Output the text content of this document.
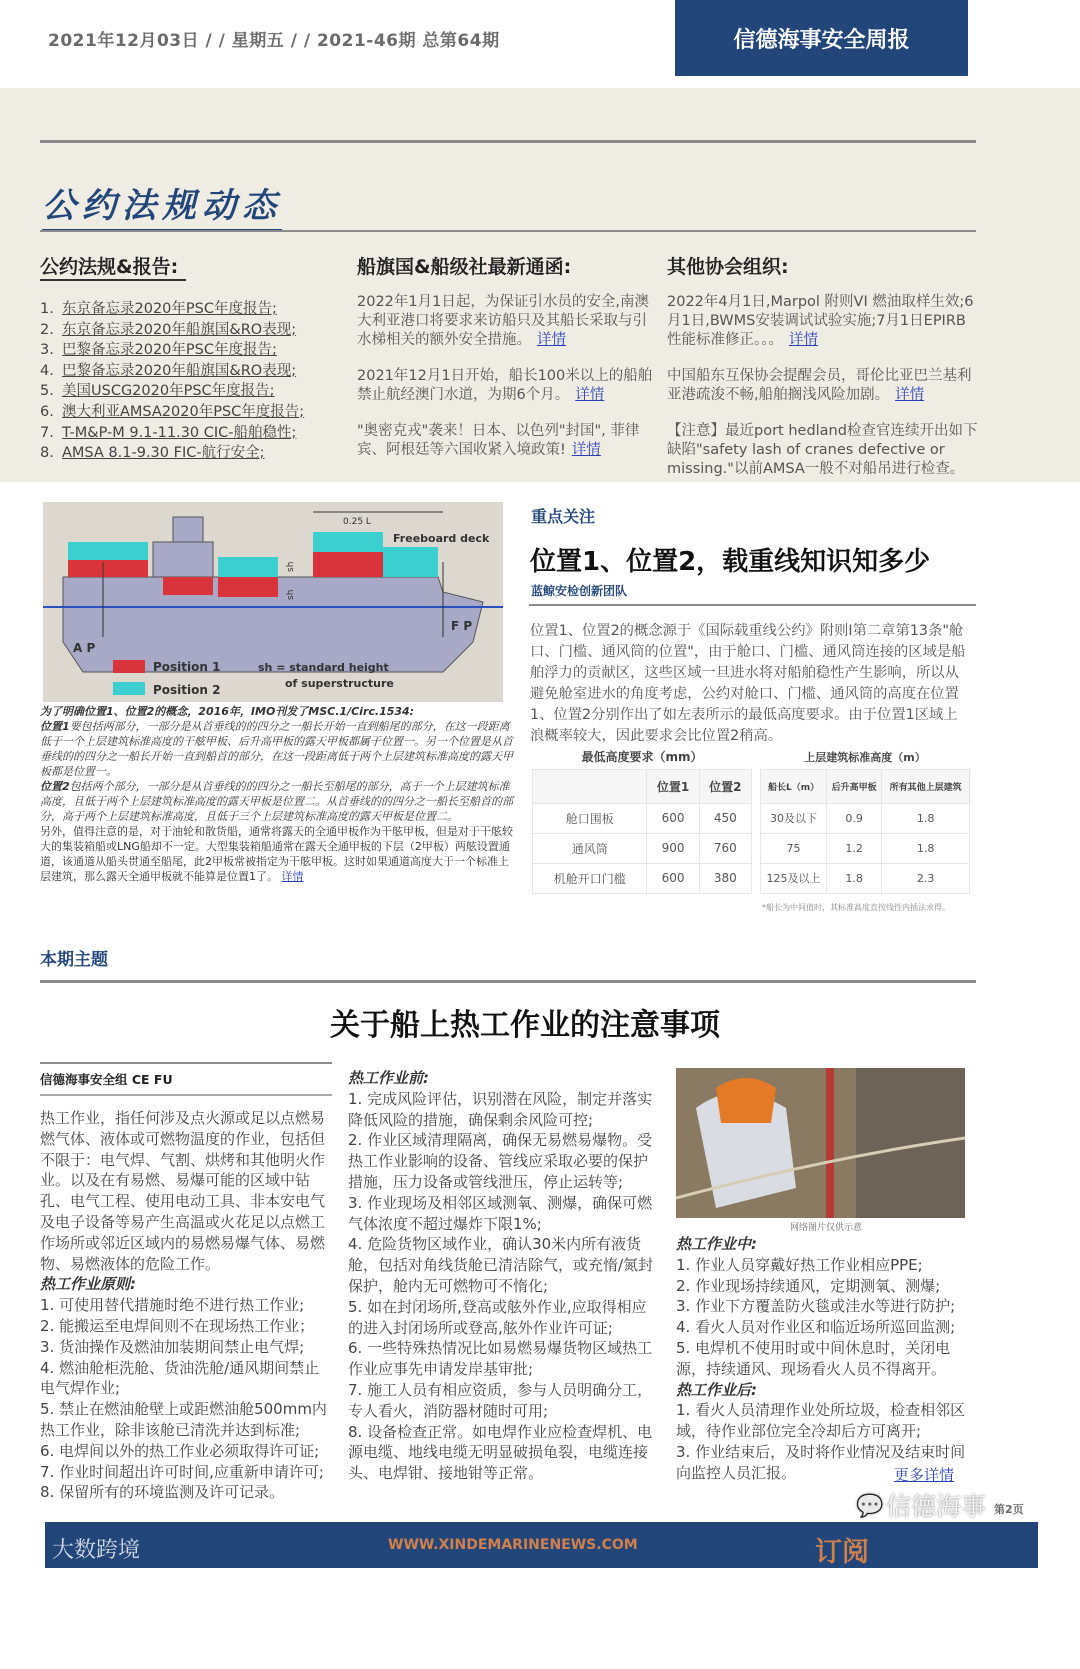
2021年12月03日 / / 星期五 / / 2021-46期 总第64期	信德海事安全周报
公约法规动态
公约法规&报告:
1. 东京备忘录2020年PSC年度报告;
2. 东京备忘录2020年船旗国&RO表现;
3. 巴黎备忘录2020年PSC年度报告;
4. 巴黎备忘录2020年船旗国&RO表现;
5. 美国USCG2020年PSC年度报告;
6. 澳大利亚AMSA2020年PSC年度报告;
7. T-M&P-M 9.1-11.30 CIC-船舶稳性;
8. AMSA 8.1-9.30 FIC-航行安全;
船旗国&船级社最新通函:

2022年1月1日起，为保证引水员的安全,南澳大利亚港口将要求来访船只及其船长采取与引水梯相关的额外安全措施。 详情

2021年12月1日开始，船长100米以上的船舶禁止航经澳门水道，为期6个月。 详情

"奥密克戎"袭来！日本、以色列"封国", 菲律宾、阿根廷等六国收紧入境政策! 详情

其他协会组织:

2022年4月1日,Marpol 附则VI 燃油取样生效;6月1日,BWMS安装调试试验实施;7月1日EPIRB性能标准修正。。。 详情

中国船东互保协会提醒会员，哥伦比亚巴兰基利亚港疏浚不畅,船舶搁浅风险加剧。 详情

【注意】最近port hedland检查官连续开出如下缺陷"safety lash of cranes defective or missing."以前AMSA一般不对船吊进行检查。

0.25 L
Freeboard deck
sh
sh
A P
F P
Position 1
Position 2
sh = standard height
of superstructure
为了明确位置1、位置2的概念，2016年，IMO刊发了MSC.1/Circ.1534:
位置1要包括两部分，一部分是从首垂线的的四分之一船长开始一直到船尾的部分，在这一段距离低于一个上层建筑标准高度的干舷甲板、后升高甲板的露天甲板都属于位置一。另一个位置是从首垂线的的四分之一船长开始一直到船首的部分，在这一段距离低于两个上层建筑标准高度的露天甲板都是位置一。
位置2包括两个部分，一部分是从首垂线的的四分之一船长至船尾的部分，高于一个上层建筑标准高度，且低于两个上层建筑标准高度的露天甲板是位置二。从首垂线的的四分之一船长至船首的部分，高于两个上层建筑标准高度，且低于三个上层建筑标准高度的露天甲板是位置二。
另外，值得注意的是，对于油轮和散货船，通常将露天的全通甲板作为干舷甲板，但是对于干舷较大的集装箱船或LNG船却不一定。大型集装箱船通常在露天全通甲板的下层（2甲板）两舷设置通道，该通道从船头贯通至船尾，此2甲板常被指定为干舷甲板。这时如果通道高度大于一个标准上层建筑，那么露天全通甲板就不能算是位置1了。 详情
重点关注
位置1、位置2，载重线知识知多少
蓝鲸安检创新团队
位置1、位置2的概念源于《国际载重线公约》附则I第二章第13条"舱口、门槛、通风筒的位置"，由于舱口、门槛、通风筒连接的区域是船舶浮力的贡献区，这些区域一旦进水将对船舶稳性产生影响，所以从避免舱室进水的角度考虑，公约对舱口、门槛、通风筒的高度在位置1、位置2分别作出了如左表所示的最低高度要求。由于位置1区域上浪概率较大，因此要求会比位置2稍高。
最低高度要求（mm）		
	位置1	位置2
舱口围板	600	450
通风筒	900	760
机舱开口门槛	600	380
上层建筑标准高度（m）		
船长L（m）	后升高甲板	所有其他上层建筑
30及以下	0.9	1.8
75	1.2	1.8
125及以上	1.8	2.3
*船长为中间值时，其标准高度直按线性内插法求得。
本期主题
关于船上热工作业的注意事项
信德海事安全组 CE FU
热工作业，指任何涉及点火源或足以点燃易燃气体、液体或可燃物温度的作业，包括但不限于：电气焊、气割、烘烤和其他明火作业。以及在有易燃、易爆可能的区域中钻孔、电气工程、使用电动工具、非本安电气及电子设备等易产生高温或火花足以点燃工作场所或邻近区域内的易燃易爆气体、易燃物、易燃液体的危险工作。
热工作业原则:
1. 可使用替代措施时绝不进行热工作业;
2. 能搬运至电焊间则不在现场热工作业；
3. 货油操作及燃油加装期间禁止电气焊;
4. 燃油舱柜洗舱、货油洗舱/通风期间禁止电气焊作业;
5. 禁止在燃油舱壁上或距燃油舱500mm内热工作业，除非该舱已清洗并达到标准;
6. 电焊间以外的热工作业必须取得许可证;
7. 作业时间超出许可时间,应重新申请许可;
8. 保留所有的环境监测及许可记录。
热工作业前:
1. 完成风险评估，识别潜在风险，制定并落实降低风险的措施，确保剩余风险可控;
2. 作业区域清理隔离，确保无易燃易爆物。受热工作业影响的设备、管线应采取必要的保护措施，压力设备或管线泄压，停止运转等;
3. 作业现场及相邻区域测氧、测爆，确保可燃气体浓度不超过爆炸下限1%;
4. 危险货物区域作业，确认30米内所有液货舱，包括对角线货舱已清洁除气，或充惰/氮封保护，舱内无可燃物可不惰化;
5. 如在封闭场所,登高或舷外作业,应取得相应的进入封闭场所或登高,舷外作业许可证;
6. 一些特殊热情况比如易燃易爆货物区域热工作业应事先申请发岸基审批;
7. 施工人员有相应资质，参与人员明确分工，专人看火，消防器材随时可用;
8. 设备检查正常。如电焊作业应检查焊机、电源电缆、地线电缆无明显破损龟裂，电缆连接头、电焊钳、接地钳等正常。
网络图片仅供示意
热工作业中:
1. 作业人员穿戴好热工作业相应PPE;
2. 作业现场持续通风，定期测氧、测爆;
3. 作业下方覆盖防火毯或洼水等进行防护;
4. 看火人员对作业区和临近场所巡回监测;
5. 电焊机不使用时或中间休息时，关闭电源，持续通风、现场看火人员不得离开。
热工作业后:
1. 看火人员清理作业处所垃圾，检查相邻区域，待作业部位完全冷却后方可离开;
3. 作业结束后，及时将作业情况及结束时间向监控人员汇报。	更多详情
ᕙ∞ 大数跨境	WWW.XINDEMARINENEWS.COM	订阅
💬 信德海事 第2页
